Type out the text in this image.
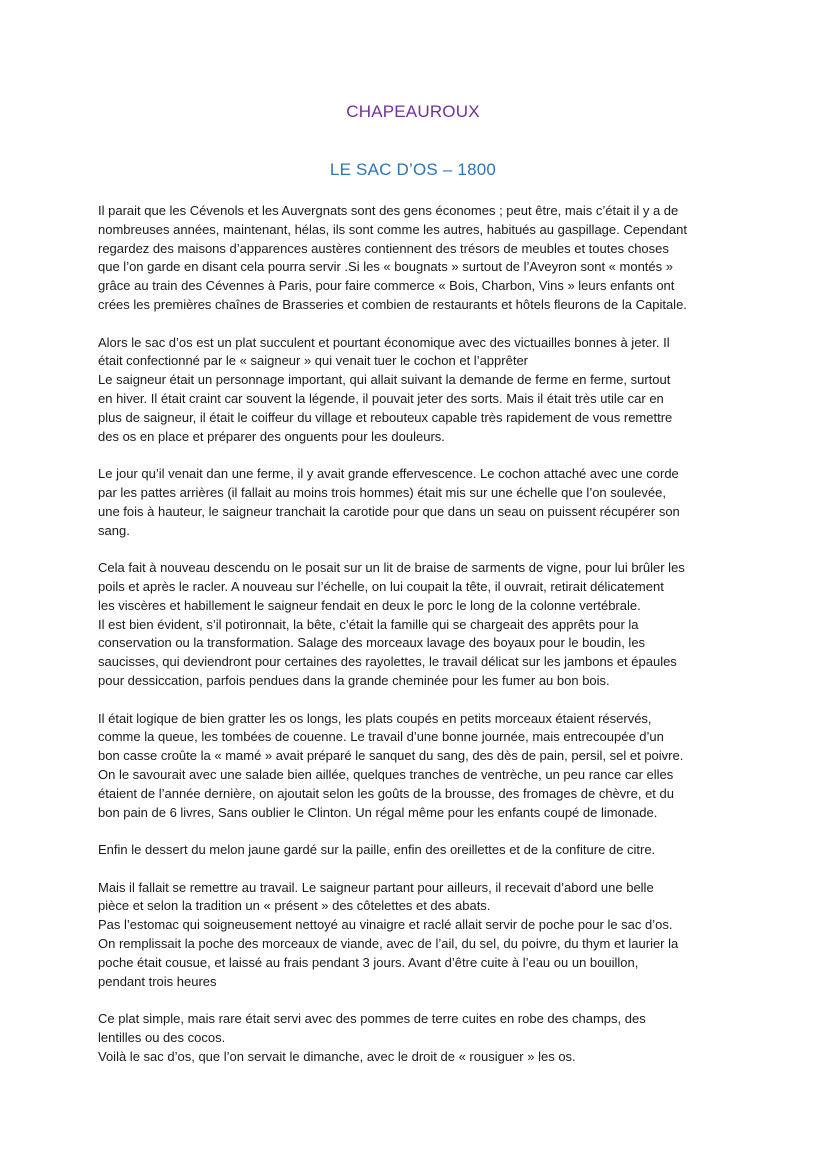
CHAPEAUROUX
LE SAC D’OS – 1800

Il parait que les Cévenols et les Auvergnats sont des gens économes ; peut être, mais c’était il y a de
nombreuses années, maintenant, hélas, ils sont comme les autres, habitués au gaspillage. Cependant
regardez des maisons d’apparences austères contiennent des trésors de meubles et toutes choses
que l’on garde en disant cela pourra servir .Si les « bougnats » surtout de l’Aveyron sont « montés »
grâce au train des Cévennes à Paris, pour faire commerce « Bois, Charbon, Vins » leurs enfants ont
crées les premières chaînes de Brasseries et combien de restaurants et hôtels fleurons de la Capitale.

Alors le sac d’os est un plat succulent et pourtant économique avec des victuailles bonnes à jeter. Il
était confectionné par le « saigneur » qui venait tuer le cochon et l’apprêter
Le saigneur était un personnage important, qui allait suivant la demande de ferme en ferme, surtout
en hiver. Il était craint car souvent la légende, il pouvait jeter des sorts. Mais il était très utile car en
plus de saigneur, il était le coiffeur du village et rebouteux capable très rapidement de vous remettre
des os en place et préparer des onguents pour les douleurs.

Le jour qu’il venait dan une ferme, il y avait grande effervescence. Le cochon attaché avec une corde
par les pattes arrières (il fallait au moins trois hommes) était mis sur une échelle que l’on soulevée,
une fois à hauteur, le saigneur tranchait la carotide pour que dans un seau on puissent récupérer son
sang.

Cela fait à nouveau descendu on le posait sur un lit de braise de sarments de vigne, pour lui brûler les
poils et après le racler. A nouveau sur l’échelle, on lui coupait la tête, il ouvrait, retirait délicatement
les viscères et habillement le saigneur fendait en deux le porc le long de la colonne vertébrale.
Il est bien évident, s’il potironnait, la bête, c’était la famille qui se chargeait des apprêts pour la
conservation ou la transformation. Salage des morceaux lavage des boyaux pour le boudin, les
saucisses, qui deviendront pour certaines des rayolettes, le travail délicat sur les jambons et épaules
pour dessiccation, parfois pendues dans la grande cheminée pour les fumer au bon bois.

Il était logique de bien gratter les os longs, les plats coupés en petits morceaux étaient réservés,
comme la queue, les tombées de couenne. Le travail d’une bonne journée, mais entrecoupée d’un
bon casse croûte la « mamé » avait préparé le sanquet du sang, des dès de pain, persil, sel et poivre.
On le savourait avec une salade bien aillée, quelques tranches de ventrèche, un peu rance car elles
étaient de l’année dernière, on ajoutait selon les goûts de la brousse, des fromages de chèvre, et du
bon pain de 6 livres, Sans oublier le Clinton. Un régal même pour les enfants coupé de limonade.

Enfin le dessert du melon jaune gardé sur la paille, enfin des oreillettes et de la confiture de citre.

Mais il fallait se remettre au travail. Le saigneur partant pour ailleurs, il recevait d’abord une belle
pièce et selon la tradition un « présent » des côtelettes et des abats.
Pas l’estomac qui soigneusement nettoyé au vinaigre et raclé allait servir de poche pour le sac d’os.
On remplissait la poche des morceaux de viande, avec de l’ail, du sel, du poivre, du thym et laurier la
poche était cousue, et laissé au frais pendant 3 jours. Avant d’être cuite à l’eau ou un bouillon,
pendant trois heures

Ce plat simple, mais rare était servi avec des pommes de terre cuites en robe des champs, des
lentilles ou des cocos.
Voilà le sac d’os, que l’on servait le dimanche, avec le droit de « rousiguer » les os.
